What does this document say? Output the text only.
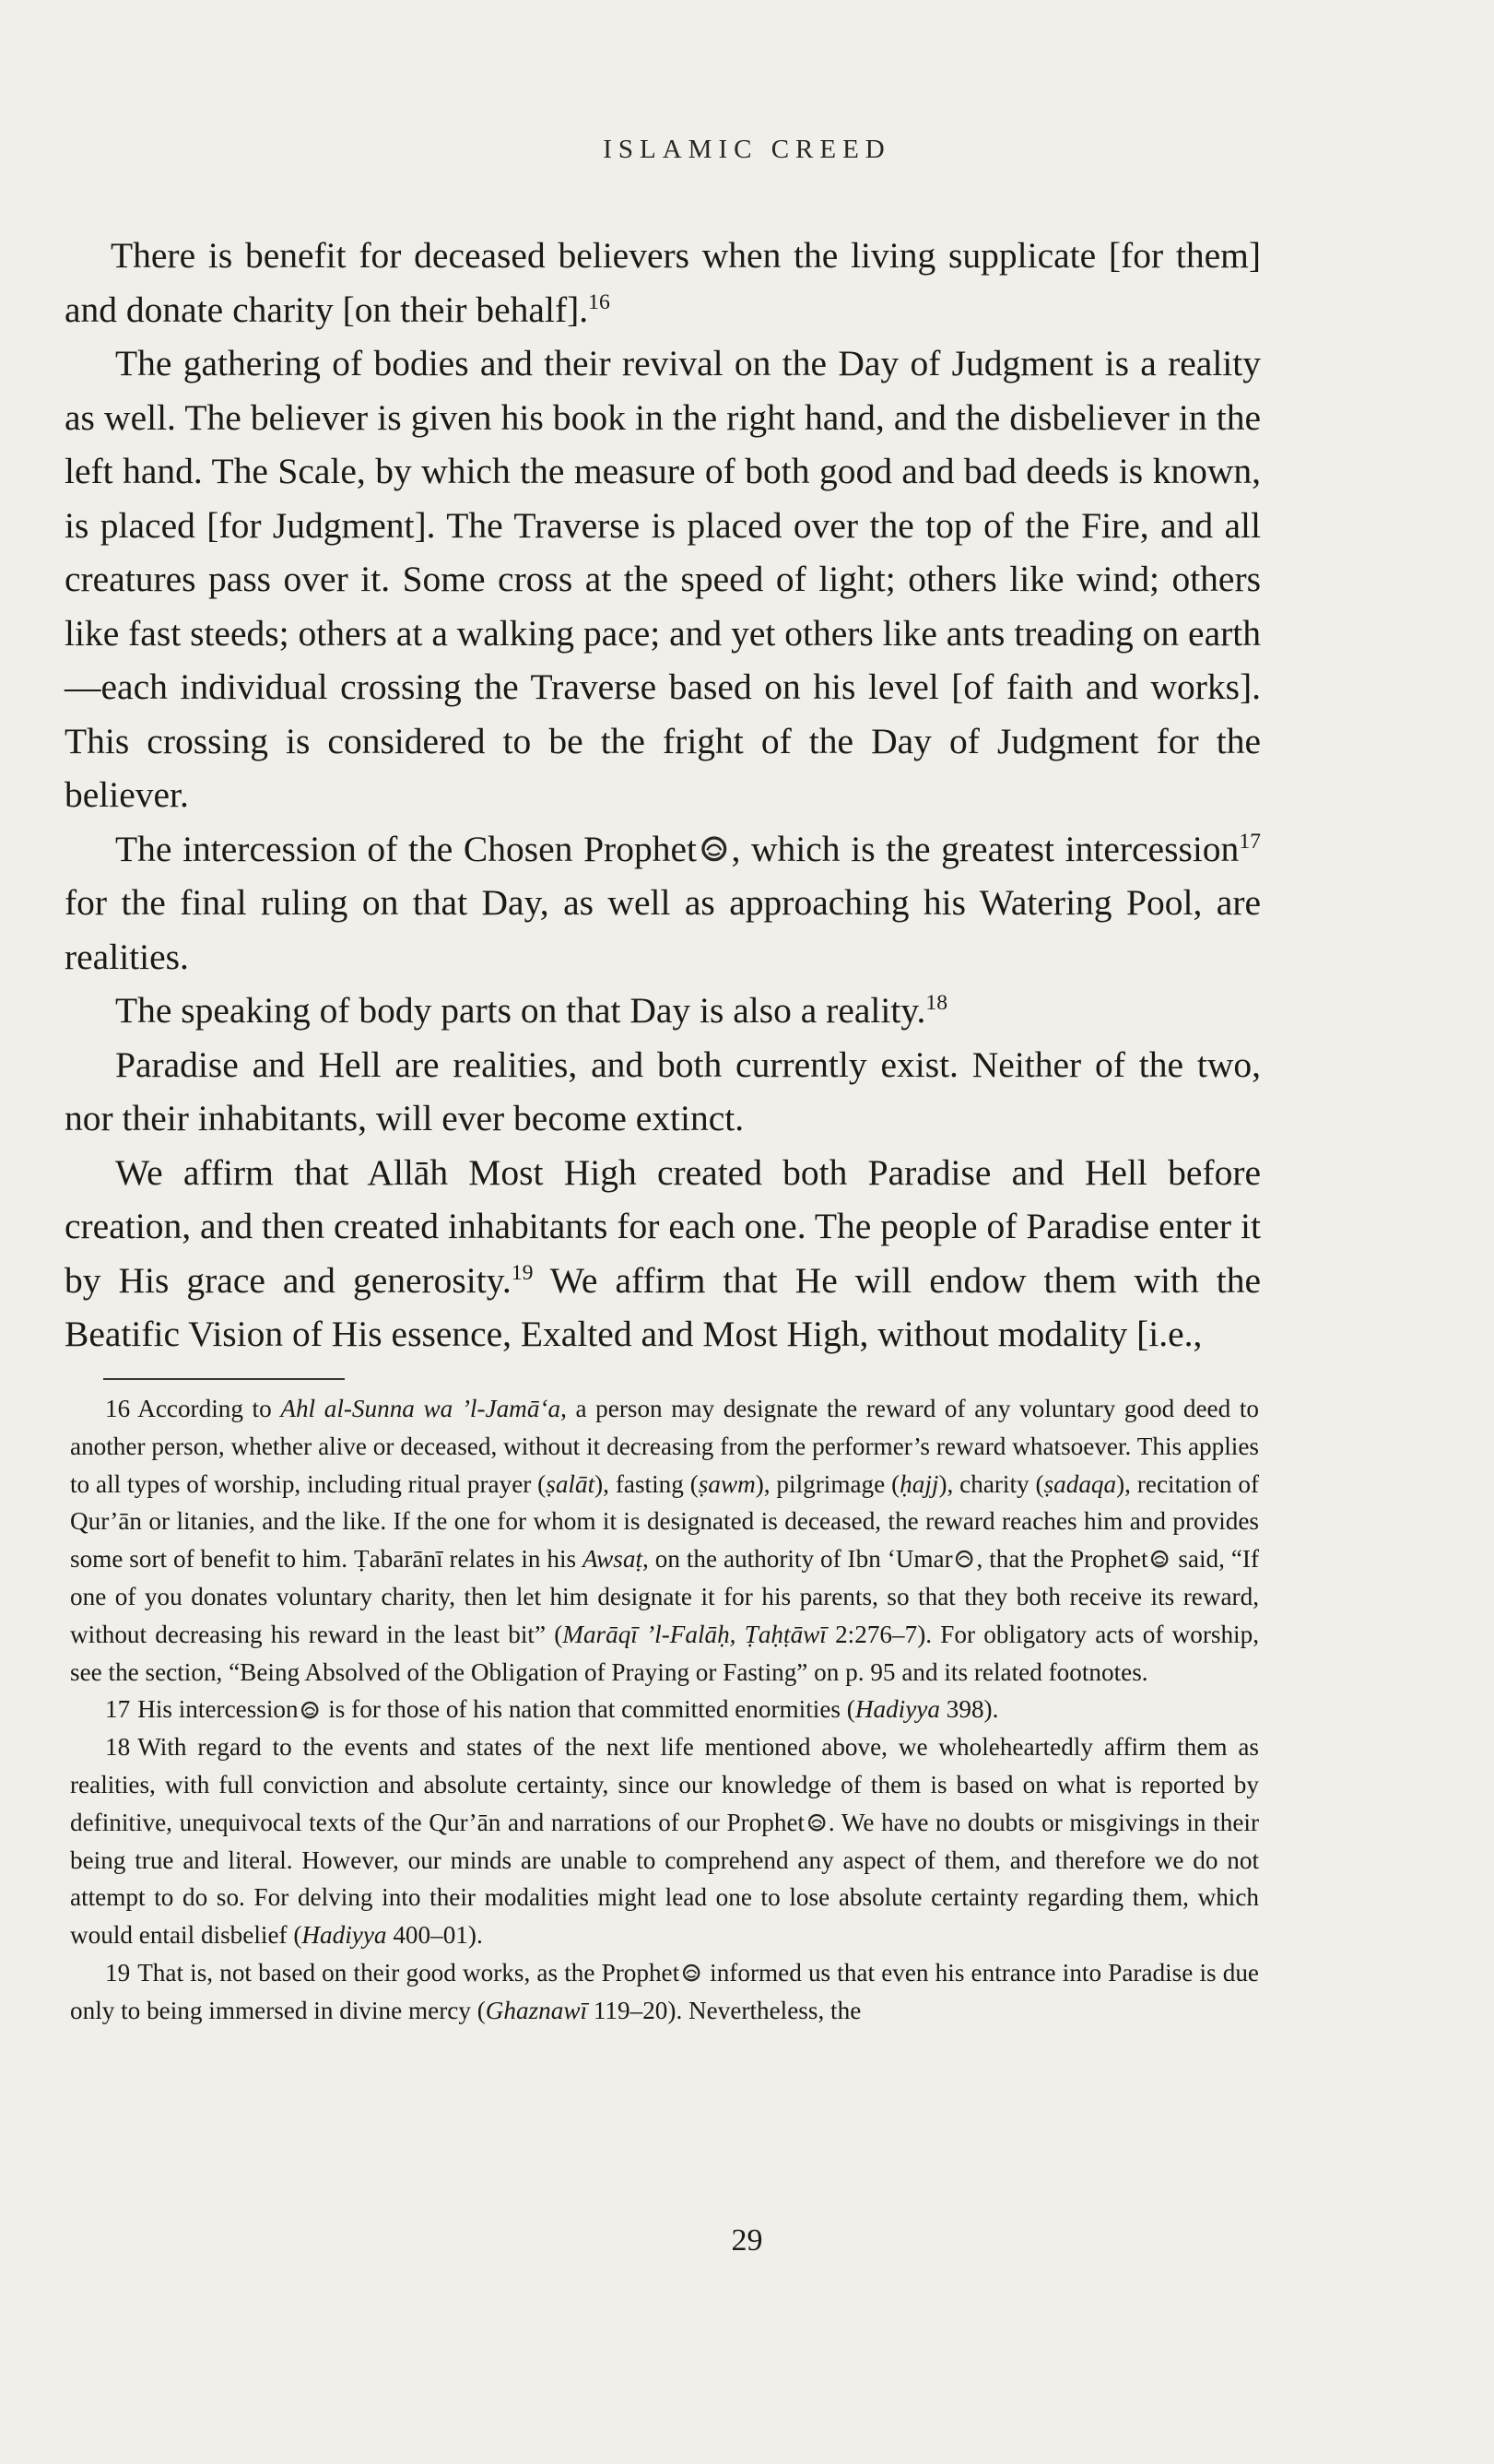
ISLAMIC CREED

There is benefit for deceased believers when the living supplicate [for them] and donate charity [on their behalf].$^{16}$

The gathering of bodies and their revival on the Day of Judgment is a reality as well. The believer is given his book in the right hand, and the disbeliever in the left hand. The Scale, by which the measure of both good and bad deeds is known, is placed [for Judgment]. The Traverse is placed over the top of the Fire, and all creatures pass over it. Some cross at the speed of light; others like wind; others like fast steeds; others at a walking pace; and yet others like ants treading on earth—each individual crossing the Traverse based on his level [of faith and works]. This crossing is considered to be the fright of the Day of Judgment for the believer.

The intercession of the Chosen Prophet , which is the greatest intercession$^{17}$ for the final ruling on that Day, as well as approaching his Watering Pool, are realities.

The speaking of body parts on that Day is also a reality.$^{18}$

Paradise and Hell are realities, and both currently exist. Neither of the two, nor their inhabitants, will ever become extinct.

We affirm that Allāh Most High created both Paradise and Hell before creation, and then created inhabitants for each one. The people of Paradise enter it by His grace and generosity.$^{19}$ We affirm that He will endow them with the Beatific Vision of His essence, Exalted and Most High, without modality [i.e.,

16 According to Ahl al-Sunna wa ’l-Jamā‘a, a person may designate the reward of any voluntary good deed to another person, whether alive or deceased, without it decreasing from the performer’s reward whatsoever. This applies to all types of worship, including ritual prayer (ṣalāt), fasting (ṣawm), pilgrimage (ḥajj), charity (ṣadaqa), recitation of Qur’ān or litanies, and the like. If the one for whom it is designated is deceased, the reward reaches him and provides some sort of benefit to him. Ṭabarānī relates in his Awsaṭ, on the authority of Ibn ‘Umar , that the Prophet said, “If one of you donates voluntary charity, then let him designate it for his parents, so that they both receive its reward, without decreasing his reward in the least bit” (Marāqī ’l-Falāḥ, Ṭaḥṭāwī 2:276–7). For obligatory acts of worship, see the section, “Being Absolved of the Obligation of Praying or Fasting” on p. 95 and its related footnotes.

17 His intercession is for those of his nation that committed enormities (Hadiyya 398).

18 With regard to the events and states of the next life mentioned above, we wholeheartedly affirm them as realities, with full conviction and absolute certainty, since our knowledge of them is based on what is reported by definitive, unequivocal texts of the Qur’ān and narrations of our Prophet . We have no doubts or misgivings in their being true and literal. However, our minds are unable to comprehend any aspect of them, and therefore we do not attempt to do so. For delving into their modalities might lead one to lose absolute certainty regarding them, which would entail disbelief (Hadiyya 400–01).

19 That is, not based on their good works, as the Prophet informed us that even his entrance into Paradise is due only to being immersed in divine mercy (Ghaznawī 119–20). Nevertheless, the

29
